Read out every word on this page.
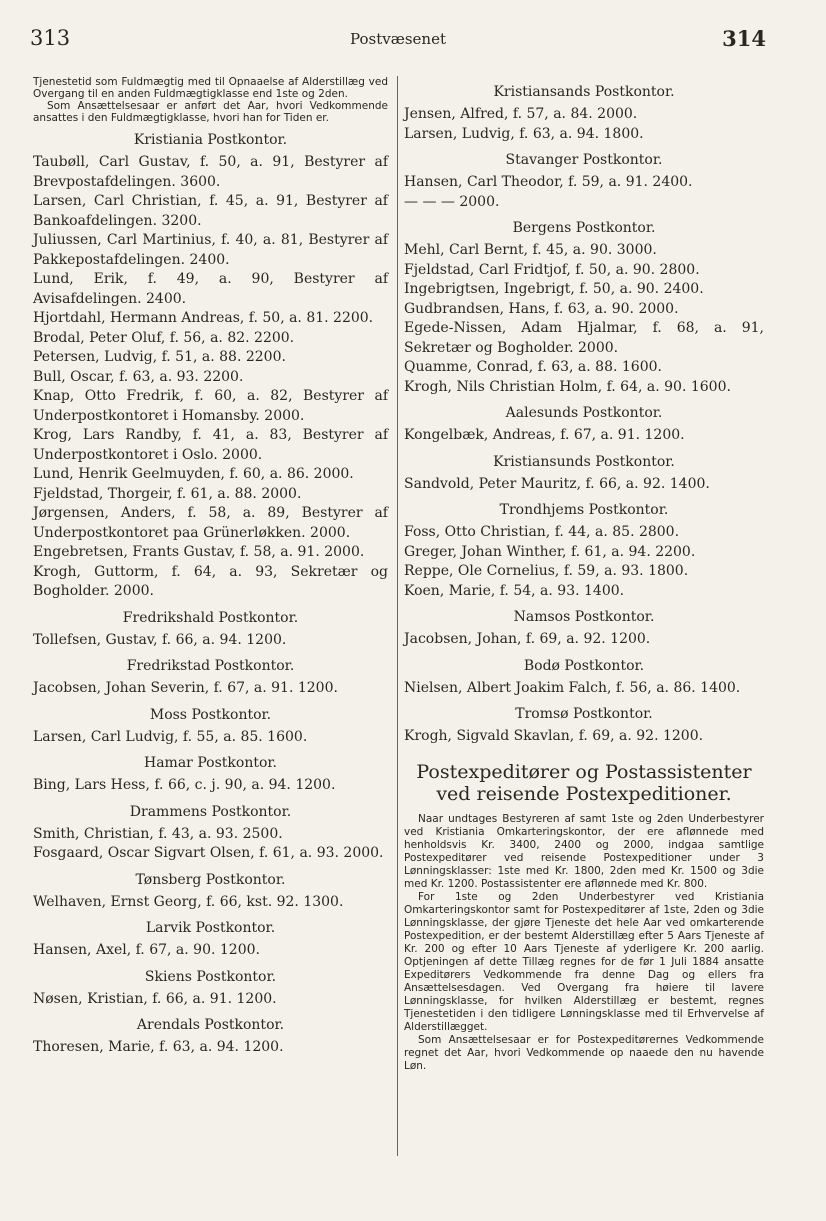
313	Postvæsenet	314

Tjenestetid som Fuldmægtig med til Opnaaelse af Alderstillæg ved Overgang til en anden Fuldmægtigklasse end 1ste og 2den.

Som Ansættelsesaar er anført det Aar, hvori Vedkommende ansattes i den Fuldmægtigklasse, hvori han for Tiden er.

Kristiania Postkontor.
Taubøll, Carl Gustav, f. 50, a. 91, Bestyrer af Brevpostafdelingen. 3600.
Larsen, Carl Christian, f. 45, a. 91, Bestyrer af Bankoafdelingen. 3200.
Juliussen, Carl Martinius, f. 40, a. 81, Bestyrer af Pakkepostafdelingen. 2400.
Lund, Erik, f. 49, a. 90, Bestyrer af Avisafdelingen. 2400.
Hjortdahl, Hermann Andreas, f. 50, a. 81. 2200.
Brodal, Peter Oluf, f. 56, a. 82. 2200.
Petersen, Ludvig, f. 51, a. 88. 2200.
Bull, Oscar, f. 63, a. 93. 2200.
Knap, Otto Fredrik, f. 60, a. 82, Bestyrer af Underpostkontoret i Homansby. 2000.
Krog, Lars Randby, f. 41, a. 83, Bestyrer af Underpostkontoret i Oslo. 2000.
Lund, Henrik Geelmuyden, f. 60, a. 86. 2000.
Fjeldstad, Thorgeir, f. 61, a. 88. 2000.
Jørgensen, Anders, f. 58, a. 89, Bestyrer af Underpostkontoret paa Grünerløkken. 2000.
Engebretsen, Frants Gustav, f. 58, a. 91. 2000.
Krogh, Guttorm, f. 64, a. 93, Sekretær og Bogholder. 2000.
Fredrikshald Postkontor.
Tollefsen, Gustav, f. 66, a. 94. 1200.
Fredrikstad Postkontor.
Jacobsen, Johan Severin, f. 67, a. 91. 1200.
Moss Postkontor.
Larsen, Carl Ludvig, f. 55, a. 85. 1600.
Hamar Postkontor.
Bing, Lars Hess, f. 66, c. j. 90, a. 94. 1200.
Drammens Postkontor.
Smith, Christian, f. 43, a. 93. 2500.
Fosgaard, Oscar Sigvart Olsen, f. 61, a. 93. 2000.
Tønsberg Postkontor.
Welhaven, Ernst Georg, f. 66, kst. 92. 1300.
Larvik Postkontor.
Hansen, Axel, f. 67, a. 90. 1200.
Skiens Postkontor.
Nøsen, Kristian, f. 66, a. 91. 1200.
Arendals Postkontor.
Thoresen, Marie, f. 63, a. 94. 1200.
Kristiansands Postkontor.
Jensen, Alfred, f. 57, a. 84. 2000.
Larsen, Ludvig, f. 63, a. 94. 1800.
Stavanger Postkontor.
Hansen, Carl Theodor, f. 59, a. 91. 2400.
— — — 2000.
Bergens Postkontor.
Mehl, Carl Bernt, f. 45, a. 90. 3000.
Fjeldstad, Carl Fridtjof, f. 50, a. 90. 2800.
Ingebrigtsen, Ingebrigt, f. 50, a. 90. 2400.
Gudbrandsen, Hans, f. 63, a. 90. 2000.
Egede-Nissen, Adam Hjalmar, f. 68, a. 91, Sekretær og Bogholder. 2000.
Quamme, Conrad, f. 63, a. 88. 1600.
Krogh, Nils Christian Holm, f. 64, a. 90. 1600.
Aalesunds Postkontor.
Kongelbæk, Andreas, f. 67, a. 91. 1200.
Kristiansunds Postkontor.
Sandvold, Peter Mauritz, f. 66, a. 92. 1400.
Trondhjems Postkontor.
Foss, Otto Christian, f. 44, a. 85. 2800.
Greger, Johan Winther, f. 61, a. 94. 2200.
Reppe, Ole Cornelius, f. 59, a. 93. 1800.
Koen, Marie, f. 54, a. 93. 1400.
Namsos Postkontor.
Jacobsen, Johan, f. 69, a. 92. 1200.
Bodø Postkontor.
Nielsen, Albert Joakim Falch, f. 56, a. 86. 1400.
Tromsø Postkontor.
Krogh, Sigvald Skavlan, f. 69, a. 92. 1200.
Postexpeditører og Postassistenter
ved reisende Postexpeditioner.

Naar undtages Bestyreren af samt 1ste og 2den Underbestyrer ved Kristiania Omkarteringskontor, der ere aflønnede med henholdsvis Kr. 3400, 2400 og 2000, indgaa samtlige Postexpeditører ved reisende Postexpeditioner under 3 Lønningsklasser: 1ste med Kr. 1800, 2den med Kr. 1500 og 3die med Kr. 1200. Postassistenter ere aflønnede med Kr. 800.

For 1ste og 2den Underbestyrer ved Kristiania Omkarteringskontor samt for Postexpeditører af 1ste, 2den og 3die Lønningsklasse, der gjøre Tjeneste det hele Aar ved omkarterende Postexpedition, er der bestemt Alderstillæg efter 5 Aars Tjeneste af Kr. 200 og efter 10 Aars Tjeneste af yderligere Kr. 200 aarlig. Optjeningen af dette Tillæg regnes for de før 1 Juli 1884 ansatte Expeditørers Vedkommende fra denne Dag og ellers fra Ansættelsesdagen. Ved Overgang fra høiere til lavere Lønningsklasse, for hvilken Alderstillæg er bestemt, regnes Tjenestetiden i den tidligere Lønningsklasse med til Erhvervelse af Alderstillægget.

Som Ansættelsesaar er for Postexpeditørernes Vedkommende regnet det Aar, hvori Vedkommende op naaede den nu havende Løn.
